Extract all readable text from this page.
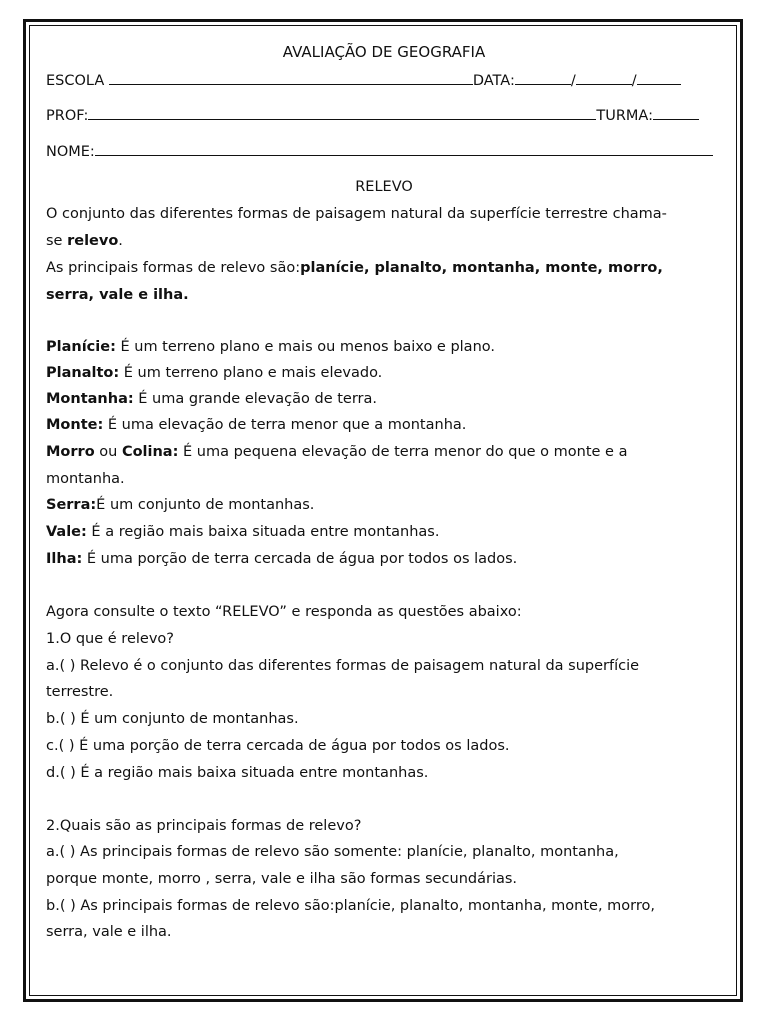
AVALIAÇÃO DE GEOGRAFIA
ESCOLA	DATA:	/	/
PROF:	TURMA:
NOME:
RELEVO
O conjunto das diferentes formas de paisagem natural da superfície terrestre chama-
se relevo.
As principais formas de relevo são:planície, planalto, montanha, monte, morro,
serra, vale e ilha.
Planície: É um terreno plano e mais ou menos baixo e plano.
Planalto: É um terreno plano e mais elevado.
Montanha: É uma grande elevação de terra.
Monte: É uma elevação de terra menor que a montanha.
Morro ou Colina: É uma pequena elevação de terra menor do que o monte e a
montanha.
Serra:É um conjunto de montanhas.
Vale: É a região mais baixa situada entre montanhas.
Ilha: É uma porção de terra cercada de água por todos os lados.
Agora consulte o texto “RELEVO” e responda as questões abaixo:
1.O que é relevo?
a.( ) Relevo é o conjunto das diferentes formas de paisagem natural da superfície
terrestre.
b.( ) É um conjunto de montanhas.
c.( ) É uma porção de terra cercada de água por todos os lados.
d.( ) É a região mais baixa situada entre montanhas.
2.Quais são as principais formas de relevo?
a.( ) As principais formas de relevo são somente: planície, planalto, montanha,
porque monte, morro , serra, vale e ilha são formas secundárias.
b.( ) As principais formas de relevo são:planície, planalto, montanha, monte, morro,
serra, vale e ilha.
